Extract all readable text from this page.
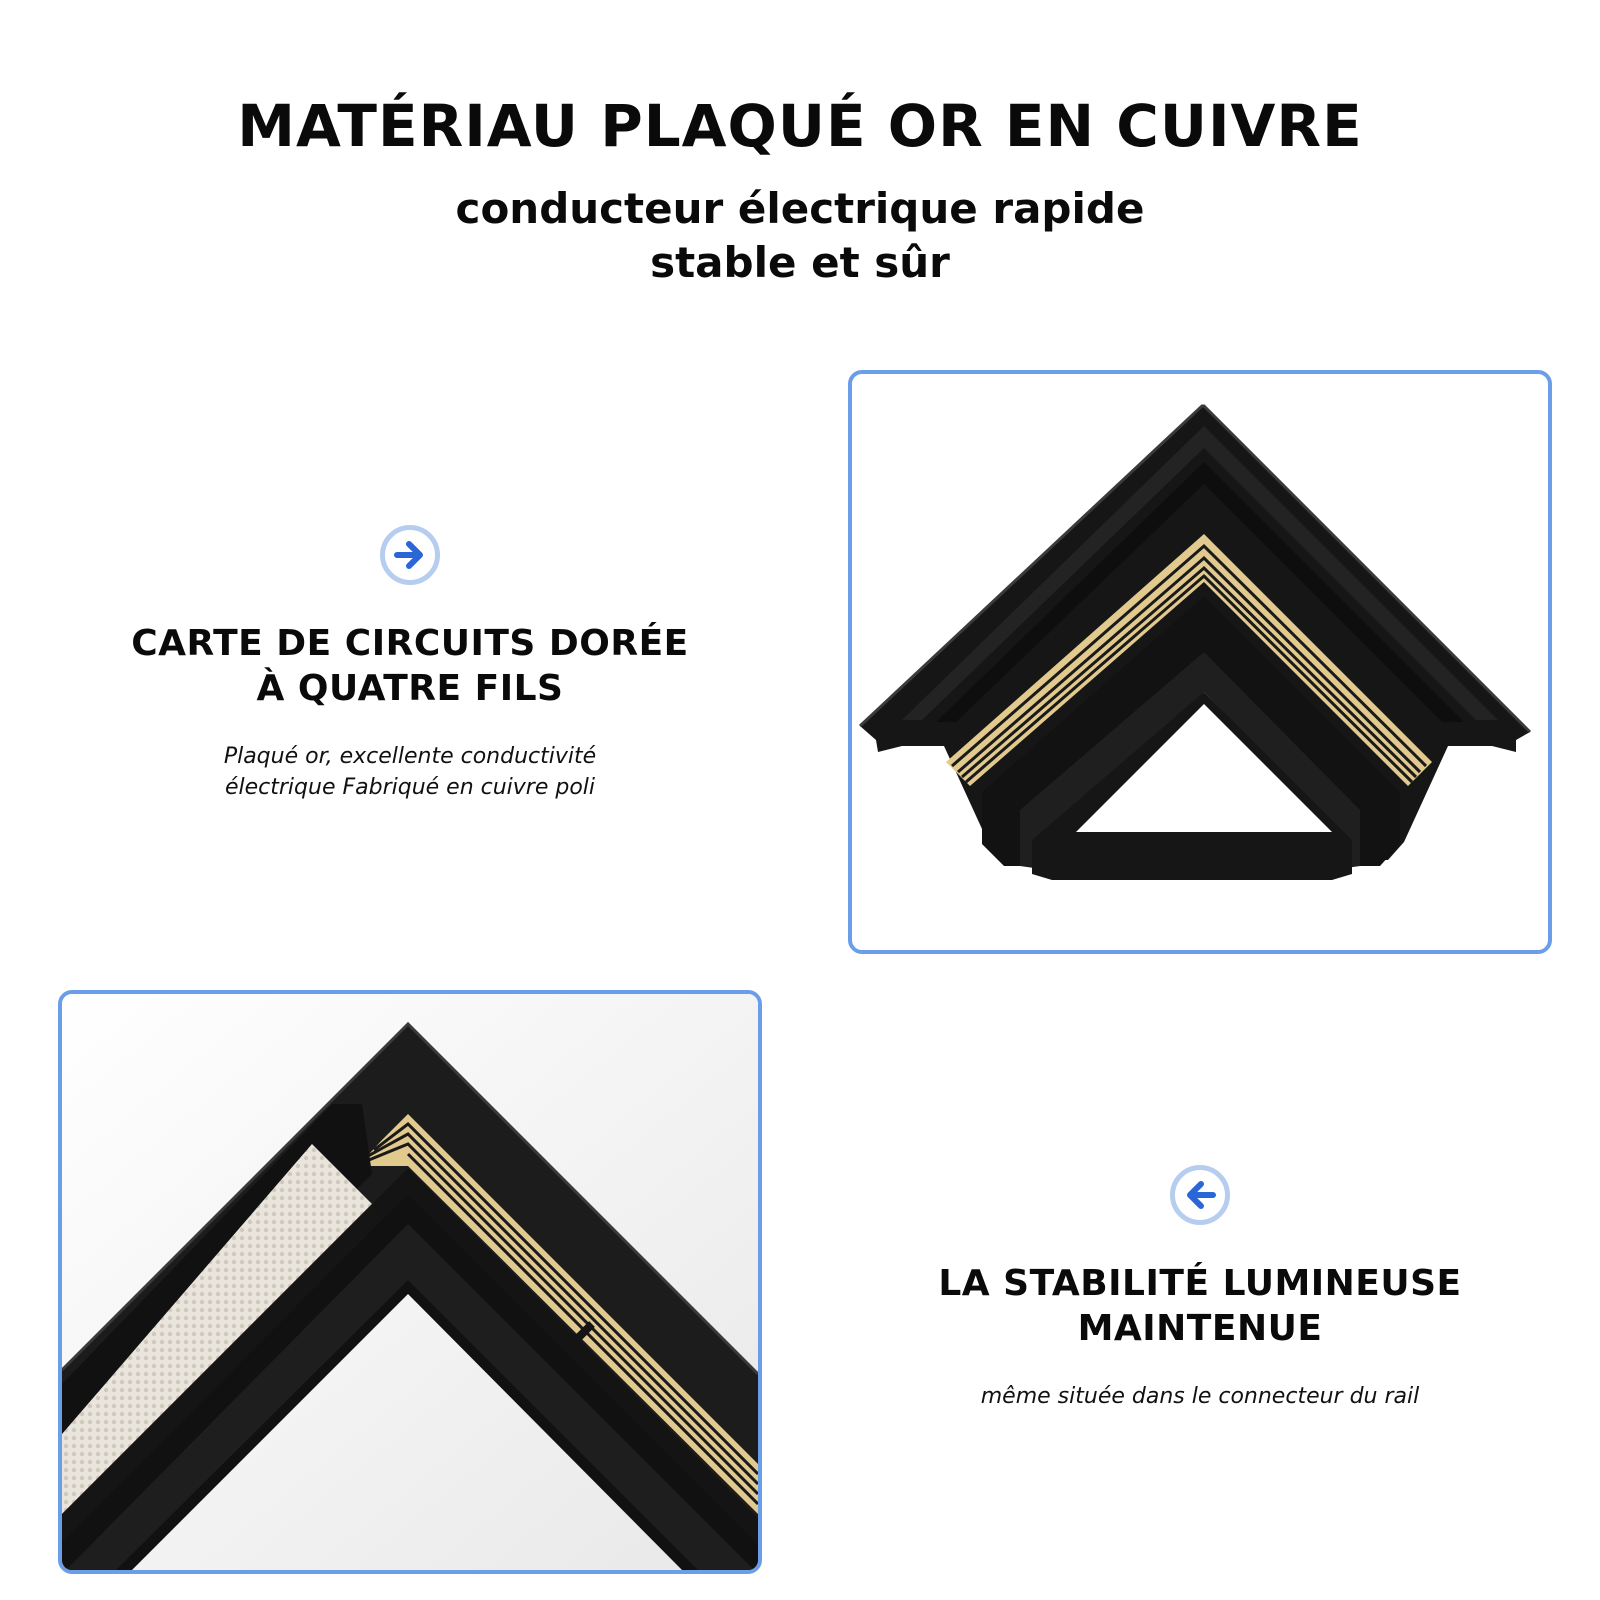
MATÉRIAU PLAQUÉ OR EN CUIVRE
conducteur électrique rapide
stable et sûr
CARTE DE CIRCUITS DORÉE
À QUATRE FILS

Plaqué or, excellente conductivité
électrique Fabriqué en cuivre poli

LA STABILITÉ LUMINEUSE
MAINTENUE

même située dans le connecteur du rail
